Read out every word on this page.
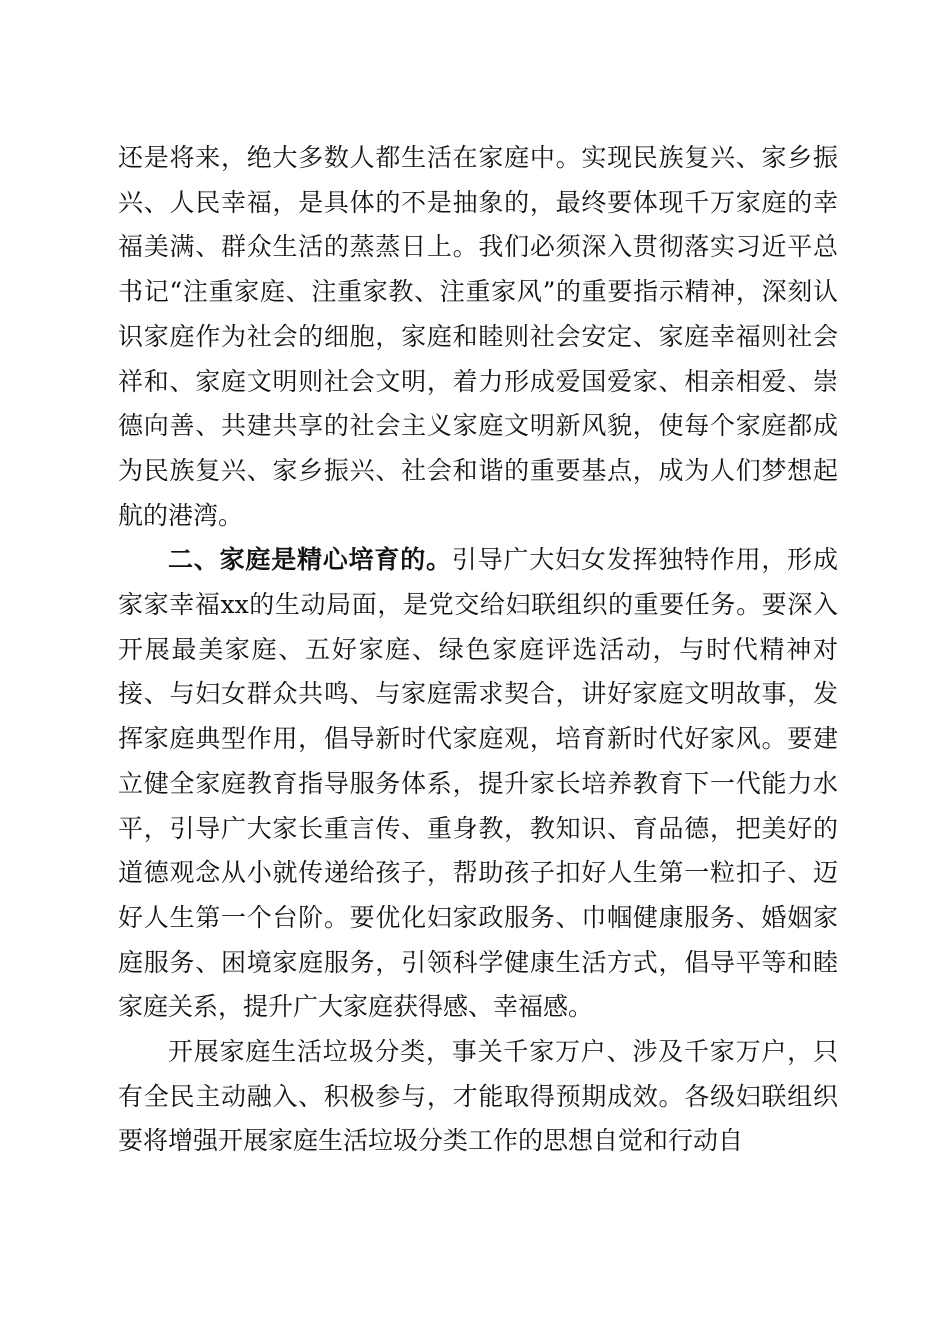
还是将来，绝大多数人都生活在家庭中。实现民族复兴、家乡振兴、人民幸福，是具体的不是抽象的，最终要体现千万家庭的幸福美满、群众生活的蒸蒸日上。我们必须深入贯彻落实习近平总书记“注重家庭、注重家教、注重家风”的重要指示精神，深刻认识家庭作为社会的细胞，家庭和睦则社会安定、家庭幸福则社会祥和、家庭文明则社会文明，着力形成爱国爱家、相亲相爱、崇德向善、共建共享的社会主义家庭文明新风貌，使每个家庭都成为民族复兴、家乡振兴、社会和谐的重要基点，成为人们梦想起航的港湾。

二、家庭是精心培育的。引导广大妇女发挥独特作用，形成家家幸福xx的生动局面，是党交给妇联组织的重要任务。要深入开展最美家庭、五好家庭、绿色家庭评选活动，与时代精神对接、与妇女群众共鸣、与家庭需求契合，讲好家庭文明故事，发挥家庭典型作用，倡导新时代家庭观，培育新时代好家风。要建立健全家庭教育指导服务体系，提升家长培养教育下一代能力水平，引导广大家长重言传、重身教，教知识、育品德，把美好的道德观念从小就传递给孩子，帮助孩子扣好人生第一粒扣子、迈好人生第一个台阶。要优化妇家政服务、巾帼健康服务、婚姻家庭服务、困境家庭服务，引领科学健康生活方式，倡导平等和睦家庭关系，提升广大家庭获得感、幸福感。

开展家庭生活垃圾分类，事关千家万户、涉及千家万户，只有全民主动融入、积极参与，才能取得预期成效。各级妇联组织要将增强开展家庭生活垃圾分类工作的思想自觉和行动自
